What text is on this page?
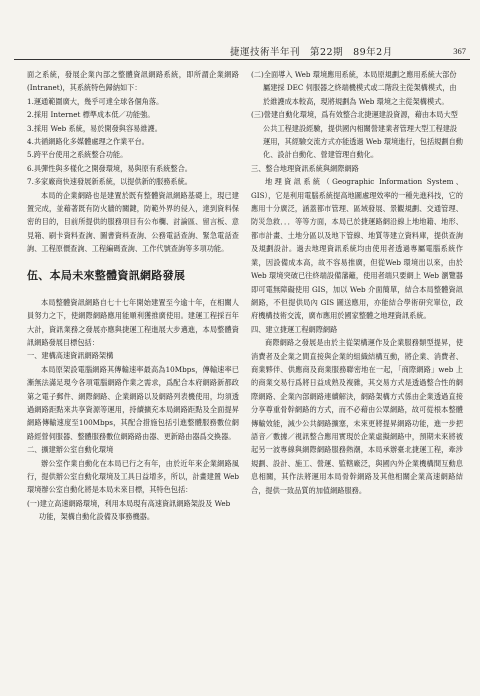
捷運技術半年刊　第22期　89年2月	367
面之系統，發展企業內部之整體資訊網路系統，即所謂企業網路(Intranet)，其系統特色歸納如下：
1.運通範圍廣大，幾乎可達全球各個角落。
2.採用 Internet 標準成本低／功能強。
3.採用 Web 系統，易於開發與容易維護。
4.共循網路化多媒體處理之作業平台。
5.跨平台使用之系統整合功能。
6.具彈性與多樣化之開發環境，易與原有系統整合。
7.多家廠商快速發展新系統，以提供新的服務系統。
本局的企業網路也是建置於既有整體資訊網路基礎上，現已建置完成，並藉著既有防火牆的關鍵，防範外界的侵入，達到資料保密的目的，目前所提供的服務項目有公布欄、討論區、留言板、意見箱、刷卡資料查詢、圖書資料查詢、公務電話查詢、緊急電話查詢、工程原價查詢、工程編碼查詢、工作代號查詢等多項功能。
伍、本局未來整體資訊網路發展
本局整體資訊網路自七十七年開始建置至今逾十年，在相關人員努力之下，使網際網路應用能順利獲推廣使用。建運工程採百年大計，資訊業務之發展亦應與捷運工程進展大步邁進，本局整體資訊網路發展目標包括：
一、建構高速資訊網路架構
本局原架設電腦網路其傳輸速率最高為10Mbps，傳輸速率已漸無法滿足現今各項電腦網路作業之需求，爲配合本府網路新都政第之電子郵件、網際網路、企業網路以及網路列表機使用，均須透過網路距點來共享資源等運用，持續擴充本局網路距點及全面提昇網路傳輸速度至100Mbps，其配合措施包括引進整體服務數位網路經營伺服器、整體服務數位網路路由器、更新路由器爲交換器。
二、擴建辦公室自動化環境
辦公室作業自動化在本局已行之有年，由於近年來企業網路風行，提供辦公室自動化環境及工具日益增多，所以，計畫建置 Web 環境辦公室自動化將是本局未來目標，其特色包括：
(一)建立高速網路環境，利用本局現有高速資訊網路架設及 Web 功能，架構自動化設備及事務機器。
(二)全面導入 Web 環境應用系統，本局原規劃之應用系統大部份屬建採 DEC 伺服器之終端機模式或二階段主從架構模式，由於維護成本較高，現將規劃為 Web 環境之主從架構模式。
(三)營建自動化環境，爲有效整合北捷運建設資源，藉由本局大型公共工程建設經驗，提供國內相關營建業者管理大型工程建設運用，其經驗交流方式亦能透過 Web 環境進行，包括規劃自動化、設計自動化、營建管理自動化。
三、整合地理資訊系統與網際網路
地理資訊系統（Geographic Information System、GIS），它是利用電腦系統提高地圖處理效率的一種先進科技，它的應用十分廣泛，涵蓋都市管理、區域發展、景觀規劃、交通管理、防災急救．．．等等方面，本局已於捷運路網沿線上地地籍、地形、都市計畫、土地分區以及地下管線、地質等建立資料庫，提供查詢及規劃設計。過去地理資訊系統均由使用者透過專屬電腦系統作業，因設備成本高，故不容易推廣，但從Web 環境出以來，由於 Web 環境突破已往終端設備藩籬，使用者端只要網上 Web 瀏覽器即可電無障礙使用 GIS，加以 Web 介面簡單，結合本局整體資訊網路，不但提供局內 GIS 圖送應用，亦能結合學術研究單位，政府機構技術交流，廣布應用於國家整體之地理資訊系統。
四、建立捷運工程網際網路
商際網路之發展是由於主從架構運作及企業服務類型提昇，使消費者及企業之間直接與企業的組織結構互動，將企業、消費者、商業夥伴、供應商及商業服務聯密地在一起，「商際網路」web 上的商業交易行爲將日益成熟及複雜，其交易方式是透過整合性的網際網路、企業內部網路連續解決，網路架構方式係由企業透過直接分享尊重骨幹網路的方式，而不必藉由公眾網路，故可從根本整體傳輸效能，減少公共網路擴塞，未來更將提昇網路功能，進一步把語音／數據／視訊整合應用實現於企業虛擬網路中，預期未來將被起另一波專線與網際網路服務熱潮，本局承辦臺北捷運工程，牽涉規劃、設計、施工、營運、監轄廠泛，與國內外企業機構間互動息息相關，其作法將運用本局骨幹網路及其他相關企業高速網路結合，提供一致品質的加值網路服務。
